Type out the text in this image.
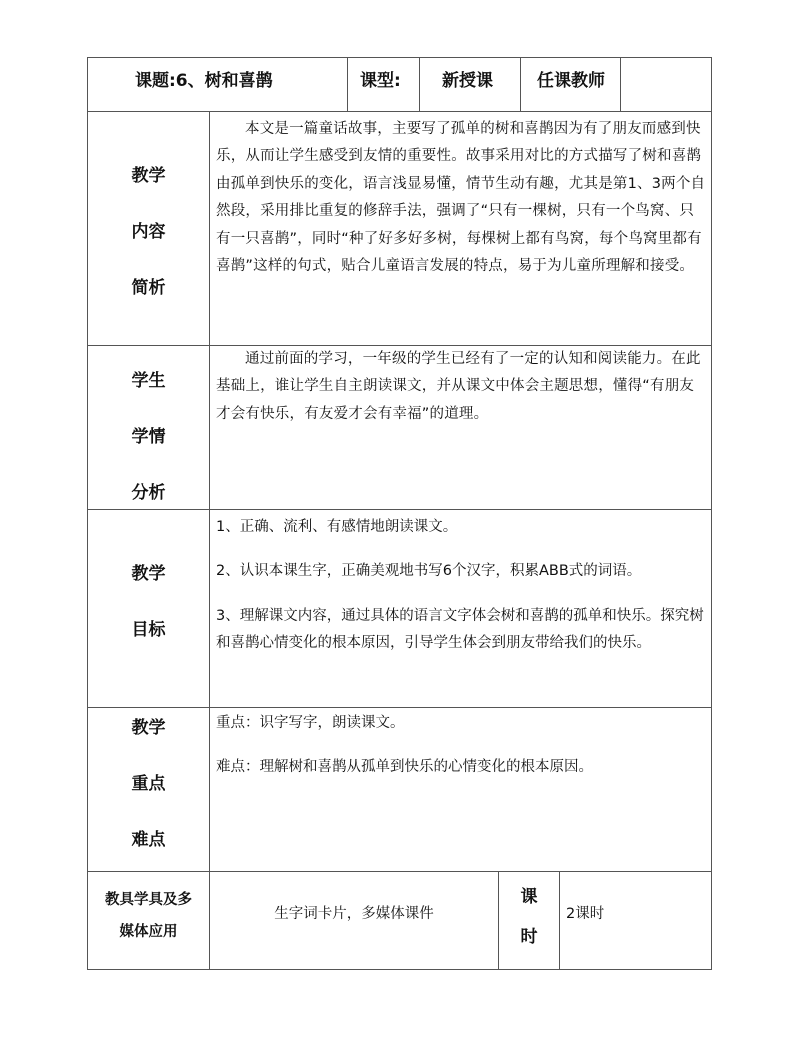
课题:6、树和喜鹊	课型: 新授课	任课教师
教学
内容
简析
本文是一篇童话故事，主要写了孤单的树和喜鹊因为有了朋友而感到快乐，从而让学生感受到友情的重要性。故事采用对比的方式描写了树和喜鹊由孤单到快乐的变化，语言浅显易懂，情节生动有趣，尤其是第1、3两个自然段，采用排比重复的修辞手法，强调了“只有一棵树，只有一个鸟窝、只有一只喜鹊”，同时“种了好多好多树，每棵树上都有鸟窝，每个鸟窝里都有喜鹊”这样的句式，贴合儿童语言发展的特点，易于为儿童所理解和接受。
学生
学情
分析
通过前面的学习，一年级的学生已经有了一定的认知和阅读能力。在此基础上，谁让学生自主朗读课文，并从课文中体会主题思想，懂得“有朋友才会有快乐，有友爱才会有幸福”的道理。
教学
目标

1、正确、流利、有感情地朗读课文。

2、认识本课生字，正确美观地书写6个汉字，积累ABB式的词语。

3、理解课文内容，通过具体的语言文字体会树和喜鹊的孤单和快乐。探究树和喜鹊心情变化的根本原因，引导学生体会到朋友带给我们的快乐。

教学
重点
难点

重点：识字写字，朗读课文。

难点：理解树和喜鹊从孤单到快乐的心情变化的根本原因。

教具学具及多
媒体应用
生字词卡片，多媒体课件
课
时
2课时
